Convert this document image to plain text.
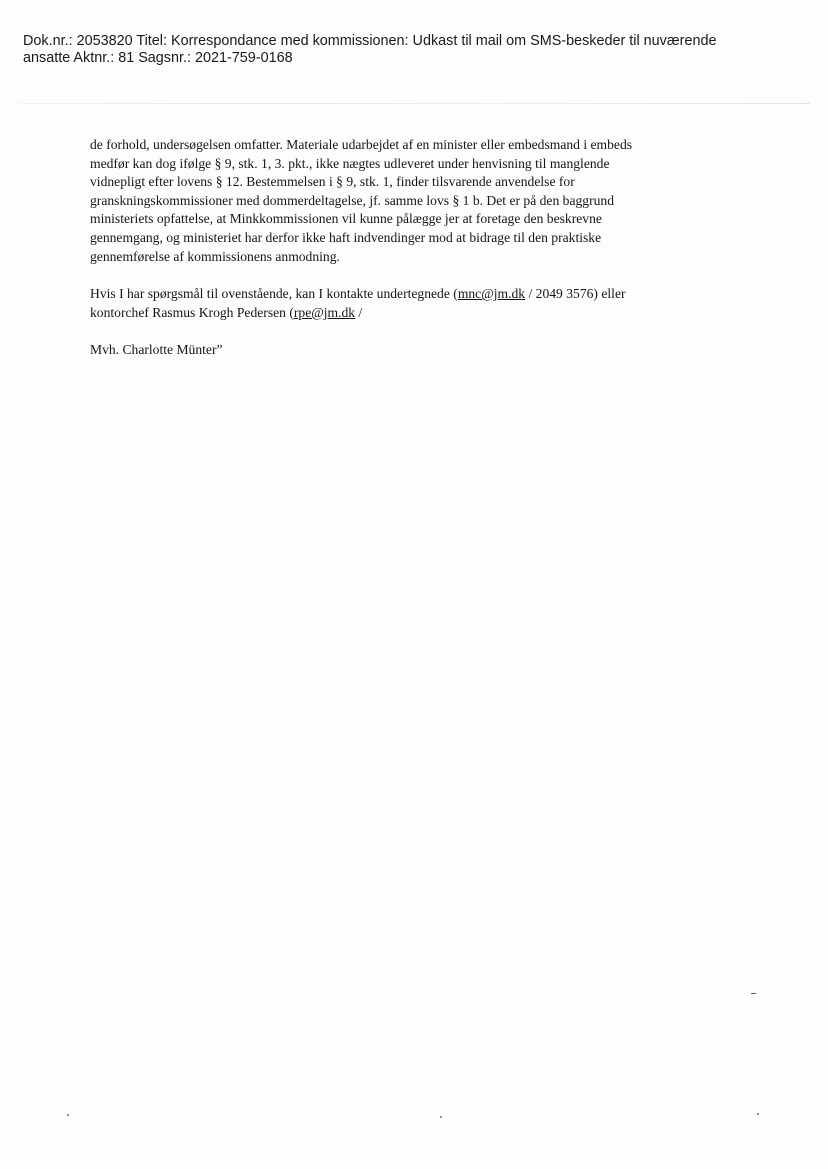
Dok.nr.: 2053820 Titel: Korrespondance med kommissionen: Udkast til mail om SMS-beskeder til nuværende
ansatte Aktnr.: 81 Sagsnr.: 2021-759-0168

de forhold, undersøgelsen omfatter. Materiale udarbejdet af en minister eller embedsmand i embeds
medfør kan dog ifølge § 9, stk. 1, 3. pkt., ikke nægtes udleveret under henvisning til manglende
vidnepligt efter lovens § 12. Bestemmelsen i § 9, stk. 1, finder tilsvarende anvendelse for
granskningskommissioner med dommerdeltagelse, jf. samme lovs § 1 b. Det er på den baggrund
ministeriets opfattelse, at Minkkommissionen vil kunne pålægge jer at foretage den beskrevne
gennemgang, og ministeriet har derfor ikke haft indvendinger mod at bidrage til den praktiske
gennemførelse af kommissionens anmodning.

Hvis I har spørgsmål til ovenstående, kan I kontakte undertegnede (mnc@jm.dk / 2049 3576) eller
kontorchef Rasmus Krogh Pedersen (rpe@jm.dk /

Mvh. Charlotte Münter”
